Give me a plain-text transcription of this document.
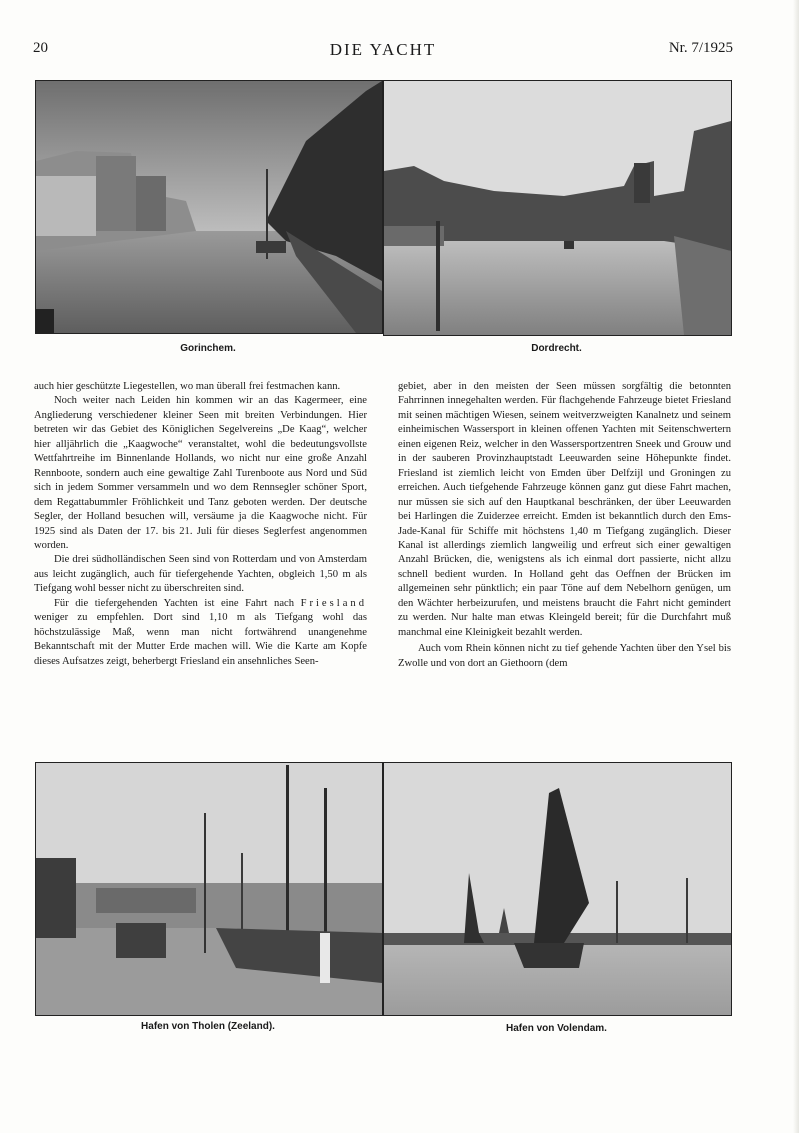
20	DIE YACHT	Nr. 7/1925
Gorinchem.	Dordrecht.

auch hier geschützte Liegestellen, wo man überall frei festmachen kann.

Noch weiter nach Leiden hin kommen wir an das Kagermeer, eine Angliederung verschiedener kleiner Seen mit breiten Verbindungen. Hier betreten wir das Gebiet des Königlichen Segelvereins „De Kaag“, welcher hier alljährlich die „Kaagwoche“ veranstaltet, wohl die bedeutungsvollste Wettfahrtreihe im Binnenlande Hollands, wo nicht nur eine große Anzahl Rennboote, sondern auch eine gewaltige Zahl Turenboote aus Nord und Süd sich in jedem Sommer versammeln und wo dem Rennsegler schöner Sport, dem Regattabummler Fröhlichkeit und Tanz geboten werden. Der deutsche Segler, der Holland besuchen will, versäume ja die Kaagwoche nicht. Für 1925 sind als Daten der 17. bis 21. Juli für dieses Seglerfest angenommen worden.

Die drei südholländischen Seen sind von Rotterdam und von Amsterdam aus leicht zugänglich, auch für tiefergehende Yachten, obgleich 1,50 m als Tiefgang wohl besser nicht zu überschreiten sind.

Für die tiefergehenden Yachten ist eine Fahrt nach Friesland weniger zu empfehlen. Dort sind 1,10 m als Tiefgang wohl das höchstzulässige Maß, wenn man nicht fortwährend unangenehme Bekanntschaft mit der Mutter Erde machen will. Wie die Karte am Kopfe dieses Aufsatzes zeigt, beherbergt Friesland ein ansehnliches Seen-

gebiet, aber in den meisten der Seen müssen sorgfältig die betonnten Fahrrinnen innegehalten werden. Für flachgehende Fahrzeuge bietet Friesland mit seinen mächtigen Wiesen, seinem weitverzweigten Kanalnetz und seinem einheimischen Wassersport in kleinen offenen Yachten mit Seitenschwertern einen eigenen Reiz, welcher in den Wassersportzentren Sneek und Grouw und in der sauberen Provinzhauptstadt Leeuwarden seine Höhepunkte findet. Friesland ist ziemlich leicht von Emden über Delfzijl und Groningen zu erreichen. Auch tiefgehende Fahrzeuge können ganz gut diese Fahrt machen, nur müssen sie sich auf den Hauptkanal beschränken, der über Leeuwarden bei Harlingen die Zuiderzee erreicht. Emden ist bekanntlich durch den Ems-Jade-Kanal für Schiffe mit höchstens 1,40 m Tiefgang zugänglich. Dieser Kanal ist allerdings ziemlich langweilig und erfreut sich einer gewaltigen Anzahl Brücken, die, wenigstens als ich einmal dort passierte, nicht allzu schnell bedient wurden. In Holland geht das Oeffnen der Brücken im allgemeinen sehr pünktlich; ein paar Töne auf dem Nebelhorn genügen, um den Wächter herbeizurufen, und meistens braucht die Fahrt nicht gemindert zu werden. Nur halte man etwas Kleingeld bereit; für die Durchfahrt muß manchmal eine Kleinigkeit bezahlt werden.

Auch vom Rhein können nicht zu tief gehende Yachten über den Ysel bis Zwolle und von dort an Giethoorn (dem

Hafen von Tholen (Zeeland).	Hafen von Volendam.
